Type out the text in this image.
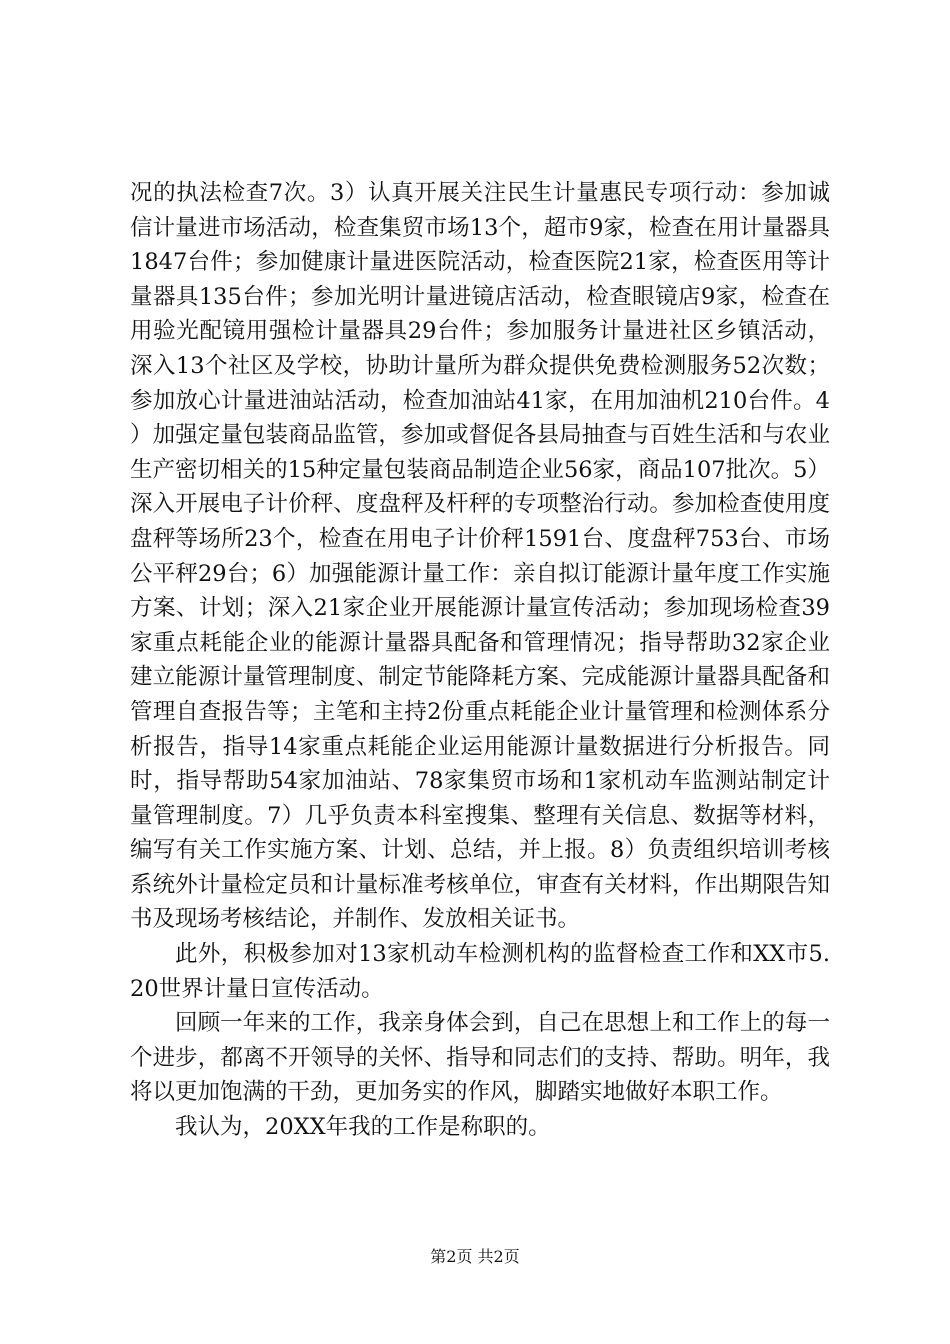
况的执法检查7次。3）认真开展关注民生计量惠民专项行动：参加诚信计量进市场活动，检查集贸市场13个，超市9家，检查在用计量器具1847台件；参加健康计量进医院活动，检查医院21家，检查医用等计量器具135台件；参加光明计量进镜店活动，检查眼镜店9家，检查在用验光配镜用强检计量器具29台件；参加服务计量进社区乡镇活动，深入13个社区及学校，协助计量所为群众提供免费检测服务52次数；参加放心计量进油站活动，检查加油站41家，在用加油机210台件。4）加强定量包装商品监管，参加或督促各县局抽查与百姓生活和与农业生产密切相关的15种定量包装商品制造企业56家，商品107批次。5）深入开展电子计价秤、度盘秤及杆秤的专项整治行动。参加检查使用度盘秤等场所23个，检查在用电子计价秤1591台、度盘秤753台、市场公平秤29台；6）加强能源计量工作：亲自拟订能源计量年度工作实施方案、计划；深入21家企业开展能源计量宣传活动；参加现场检查39家重点耗能企业的能源计量器具配备和管理情况；指导帮助32家企业建立能源计量管理制度、制定节能降耗方案、完成能源计量器具配备和管理自查报告等；主笔和主持2份重点耗能企业计量管理和检测体系分析报告，指导14家重点耗能企业运用能源计量数据进行分析报告。同时，指导帮助54家加油站、78家集贸市场和1家机动车监测站制定计量管理制度。7）几乎负责本科室搜集、整理有关信息、数据等材料，编写有关工作实施方案、计划、总结，并上报。8）负责组织培训考核系统外计量检定员和计量标准考核单位，审查有关材料，作出期限告知书及现场考核结论，并制作、发放相关证书。

此外，积极参加对13家机动车检测机构的监督检查工作和XX市5.20世界计量日宣传活动。

回顾一年来的工作，我亲身体会到，自己在思想上和工作上的每一个进步，都离不开领导的关怀、指导和同志们的支持、帮助。明年，我将以更加饱满的干劲，更加务实的作风，脚踏实地做好本职工作。

我认为，20XX年我的工作是称职的。

第2页 共2页
